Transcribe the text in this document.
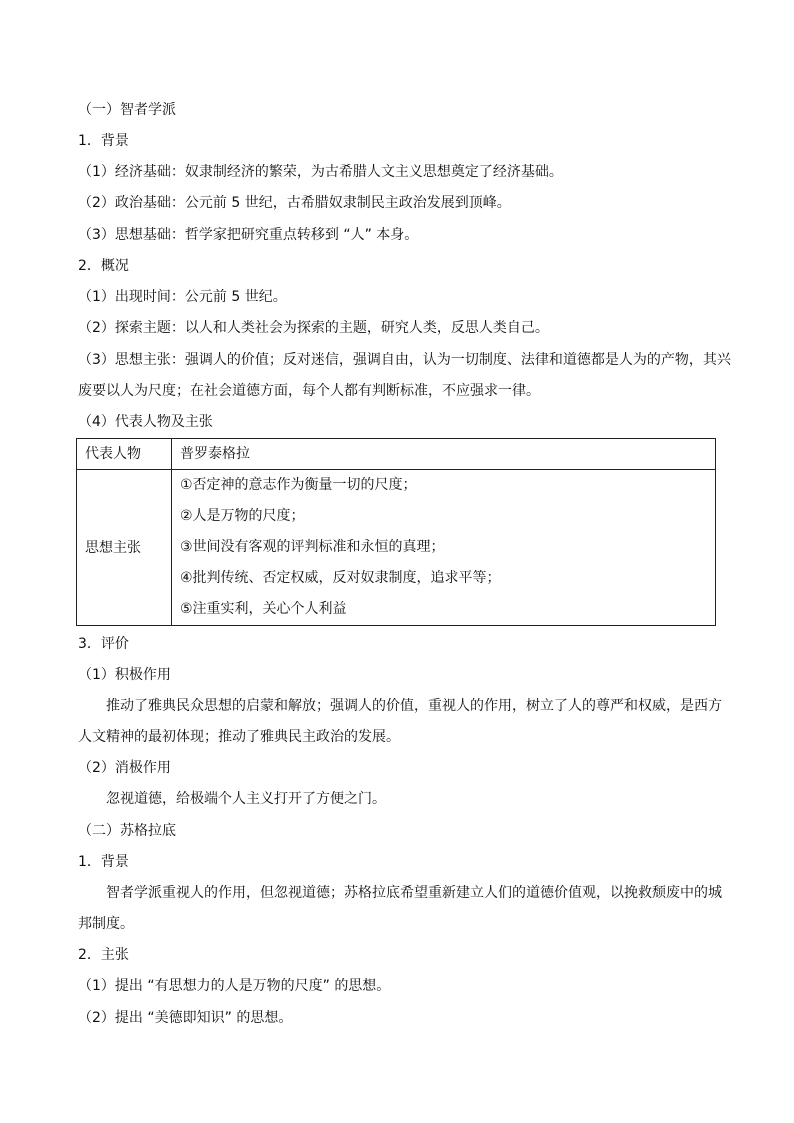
（一）智者学派
1．背景
（1）经济基础：奴隶制经济的繁荣，为古希腊人文主义思想奠定了经济基础。
（2）政治基础：公元前 5 世纪，古希腊奴隶制民主政治发展到顶峰。
（3）思想基础：哲学家把研究重点转移到 “人” 本身。
2．概况
（1）出现时间：公元前 5 世纪。
（2）探索主题：以人和人类社会为探索的主题，研究人类，反思人类自己。
（3）思想主张：强调人的价值；反对迷信，强调自由，认为一切制度、法律和道德都是人为的产物，其兴
废要以人为尺度；在社会道德方面，每个人都有判断标准，不应强求一律。
（4）代表人物及主张
代表人物	普罗泰格拉
思想主张	①否定神的意志作为衡量一切的尺度；
②人是万物的尺度；
③世间没有客观的评判标准和永恒的真理；
④批判传统、否定权威，反对奴隶制度，追求平等；
⑤注重实利，关心个人利益
3．评价
（1）积极作用
推动了雅典民众思想的启蒙和解放；强调人的价值，重视人的作用，树立了人的尊严和权威，是西方
人文精神的最初体现；推动了雅典民主政治的发展。
（2）消极作用
忽视道德，给极端个人主义打开了方便之门。
（二）苏格拉底
1．背景
智者学派重视人的作用，但忽视道德；苏格拉底希望重新建立人们的道德价值观，以挽救颓废中的城
邦制度。
2．主张
（1）提出 “有思想力的人是万物的尺度” 的思想。
（2）提出 “美德即知识” 的思想。
